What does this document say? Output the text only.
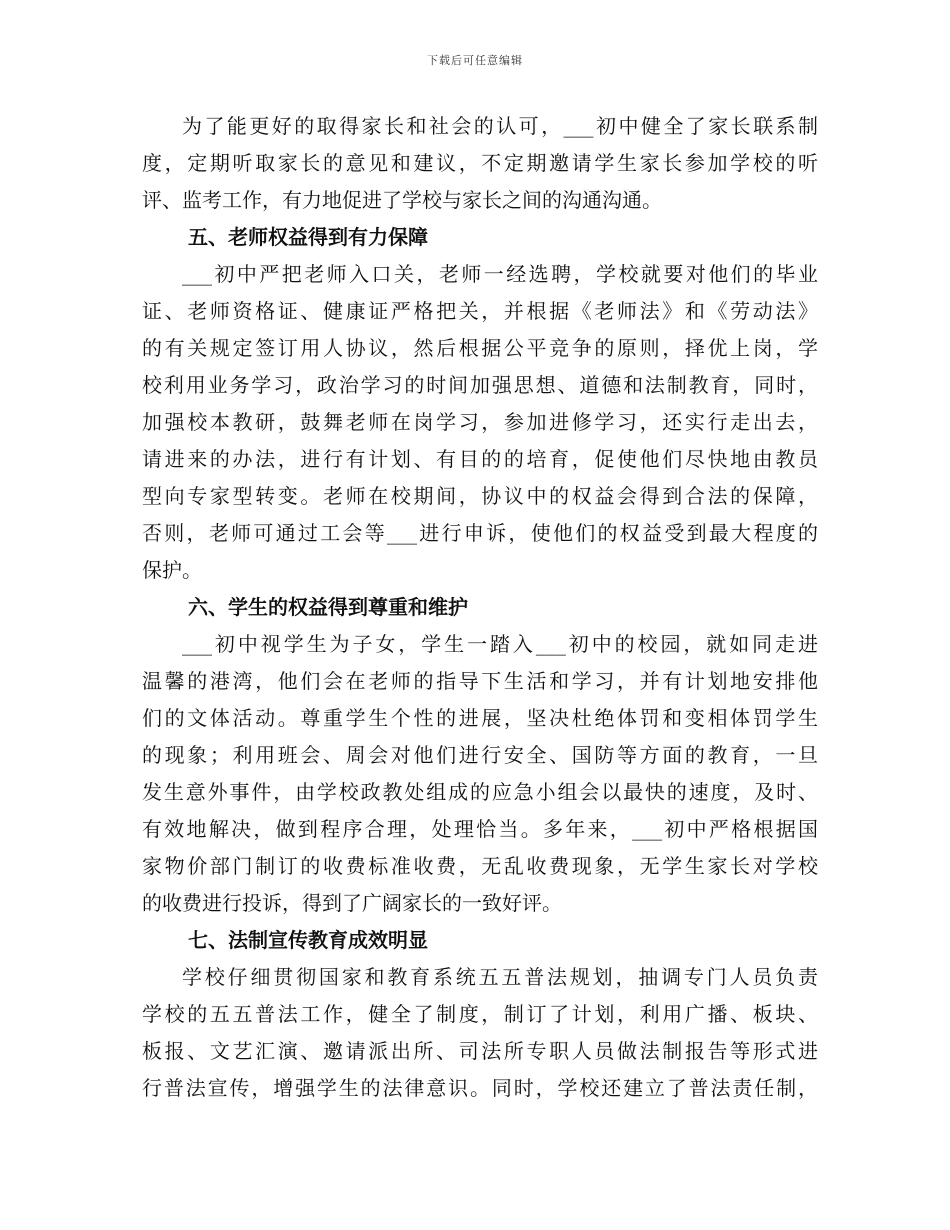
下载后可任意编辑
为了能更好的取得家长和社会的认可，___初中健全了家长联系制
度，定期听取家长的意见和建议，不定期邀请学生家长参加学校的听
评、监考工作，有力地促进了学校与家长之间的沟通沟通。
五、老师权益得到有力保障
___初中严把老师入口关，老师一经选聘，学校就要对他们的毕业
证、老师资格证、健康证严格把关，并根据《老师法》和《劳动法》
的有关规定签订用人协议，然后根据公平竞争的原则，择优上岗，学
校利用业务学习，政治学习的时间加强思想、道德和法制教育，同时，
加强校本教研，鼓舞老师在岗学习，参加进修学习，还实行走出去，
请进来的办法，进行有计划、有目的的培育，促使他们尽快地由教员
型向专家型转变。老师在校期间，协议中的权益会得到合法的保障，
否则，老师可通过工会等___进行申诉，使他们的权益受到最大程度的
保护。
六、学生的权益得到尊重和维护
___初中视学生为子女，学生一踏入___初中的校园，就如同走进
温馨的港湾，他们会在老师的指导下生活和学习，并有计划地安排他
们的文体活动。尊重学生个性的进展，坚决杜绝体罚和变相体罚学生
的现象；利用班会、周会对他们进行安全、国防等方面的教育，一旦
发生意外事件，由学校政教处组成的应急小组会以最快的速度，及时、
有效地解决，做到程序合理，处理恰当。多年来，___初中严格根据国
家物价部门制订的收费标准收费，无乱收费现象，无学生家长对学校
的收费进行投诉，得到了广阔家长的一致好评。
七、法制宣传教育成效明显
学校仔细贯彻国家和教育系统五五普法规划，抽调专门人员负责
学校的五五普法工作，健全了制度，制订了计划，利用广播、板块、
板报、文艺汇演、邀请派出所、司法所专职人员做法制报告等形式进
行普法宣传，增强学生的法律意识。同时，学校还建立了普法责任制，
